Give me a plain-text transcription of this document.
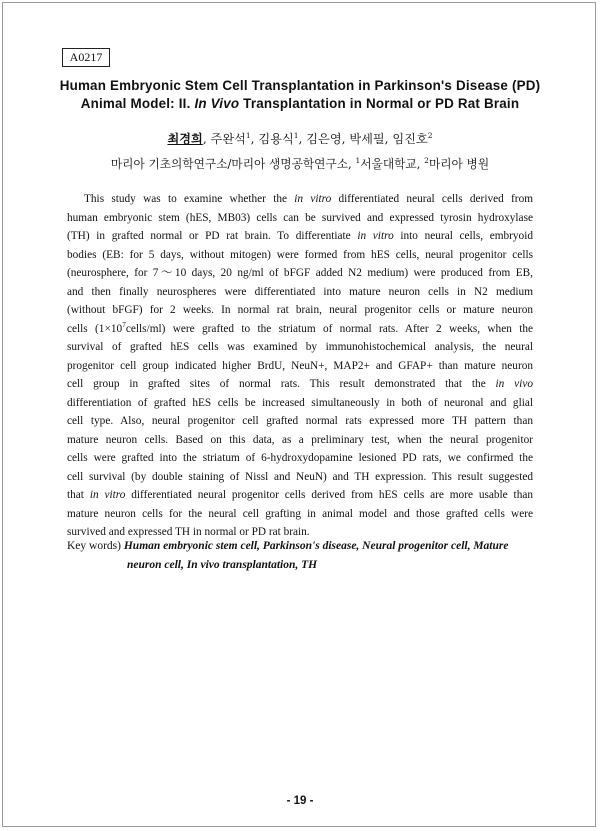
A0217
Human Embryonic Stem Cell Transplantation in Parkinson's Disease (PD)
Animal Model: II. In Vivo Transplantation in Normal or PD Rat Brain
최경희, 주완석$^1$, 김용식$^1$, 김은영, 박세필, 임진호$^2$
마리아 기초의학연구소/마리아 생명공학연구소, $^1$서울대학교, $^2$마리아 병원
This study was to examine whether the in vitro differentiated neural cells derived from
human embryonic stem (hES, MB03) cells can be survived and expressed tyrosin hydroxylase
(TH) in grafted normal or PD rat brain. To differentiate in vitro into neural cells, embryoid
bodies (EB: for 5 days, without mitogen) were formed from hES cells, neural progenitor cells
(neurosphere, for 7～10 days, 20 ng/ml of bFGF added N2 medium) were produced from EB,
and then finally neurospheres were differentiated into mature neuron cells in N2 medium
(without bFGF) for 2 weeks. In normal rat brain, neural progenitor cells or mature neuron
cells $(1\times 10^7cells/ml)$ were grafted to the striatum of normal rats. After 2 weeks, when the
survival of grafted hES cells was examined by immunohistochemical analysis, the neural
progenitor cell group indicated higher BrdU, NeuN+, MAP2+ and GFAP+ than mature neuron
cell group in grafted sites of normal rats. This result demonstrated that the in vivo
differentiation of grafted hES cells be increased simultaneously in both of neuronal and glial
cell type. Also, neural progenitor cell grafted normal rats expressed more TH pattern than
mature neuron cells. Based on this data, as a preliminary test, when the neural progenitor
cells were grafted into the striatum of 6-hydroxydopamine lesioned PD rats, we confirmed the
cell survival (by double staining of Nissl and NeuN) and TH expression. This result suggested
that in vitro differentiated neural progenitor cells derived from hES cells are more usable than
mature neuron cells for the neural cell grafting in animal model and those grafted cells were
survived and expressed TH in normal or PD rat brain.
Key words) Human embryonic stem cell, Parkinson's disease, Neural progenitor cell, Mature
neuron cell, In vivo transplantation, TH
- 19 -
